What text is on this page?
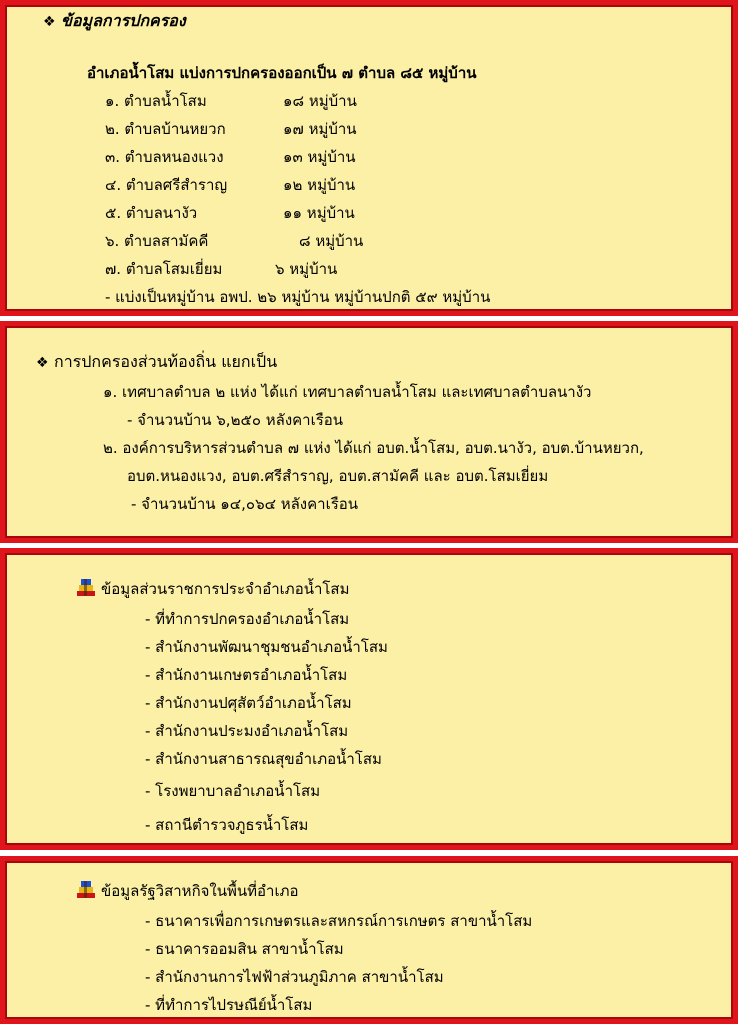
❖ ข้อมูลการปกครอง
อำเภอน้ำโสม แบ่งการปกครองออกเป็น ๗ ตำบล ๘๕ หมู่บ้าน
๑. ตำบลน้ำโสม	๑๘ หมู่บ้าน
๒. ตำบลบ้านหยวก	๑๗ หมู่บ้าน
๓. ตำบลหนองแวง	๑๓ หมู่บ้าน
๔. ตำบลศรีสำราญ	๑๒ หมู่บ้าน
๕. ตำบลนางัว	๑๑ หมู่บ้าน
๖. ตำบลสามัคคี	๘ หมู่บ้าน
๗. ตำบลโสมเยี่ยม	๖ หมู่บ้าน
- แบ่งเป็นหมู่บ้าน อพป. ๒๖ หมู่บ้าน หมู่บ้านปกติ ๕๙ หมู่บ้าน
❖ การปกครองส่วนท้องถิ่น แยกเป็น
๑. เทศบาลตำบล ๒ แห่ง ได้แก่ เทศบาลตำบลน้ำโสม และเทศบาลตำบลนางัว
- จำนวนบ้าน ๖,๒๕๐ หลังคาเรือน
๒. องค์การบริหารส่วนตำบล ๗ แห่ง ได้แก่ อบต.น้ำโสม, อบต.นางัว, อบต.บ้านหยวก,
อบต.หนองแวง, อบต.ศรีสำราญ, อบต.สามัคคี และ อบต.โสมเยี่ยม
- จำนวนบ้าน ๑๔,๐๖๔ หลังคาเรือน
ข้อมูลส่วนราชการประจำอำเภอน้ำโสม
- ที่ทำการปกครองอำเภอน้ำโสม
- สำนักงานพัฒนาชุมชนอำเภอน้ำโสม
- สำนักงานเกษตรอำเภอน้ำโสม
- สำนักงานปศุสัตว์อำเภอน้ำโสม
- สำนักงานประมงอำเภอน้ำโสม
- สำนักงานสาธารณสุขอำเภอน้ำโสม
- โรงพยาบาลอำเภอน้ำโสม
- สถานีตำรวจภูธรน้ำโสม
ข้อมูลรัฐวิสาหกิจในพื้นที่อำเภอ
- ธนาคารเพื่อการเกษตรและสหกรณ์การเกษตร สาขาน้ำโสม
- ธนาคารออมสิน สาขาน้ำโสม
- สำนักงานการไฟฟ้าส่วนภูมิภาค สาขาน้ำโสม
- ที่ทำการไปรษณีย์น้ำโสม
